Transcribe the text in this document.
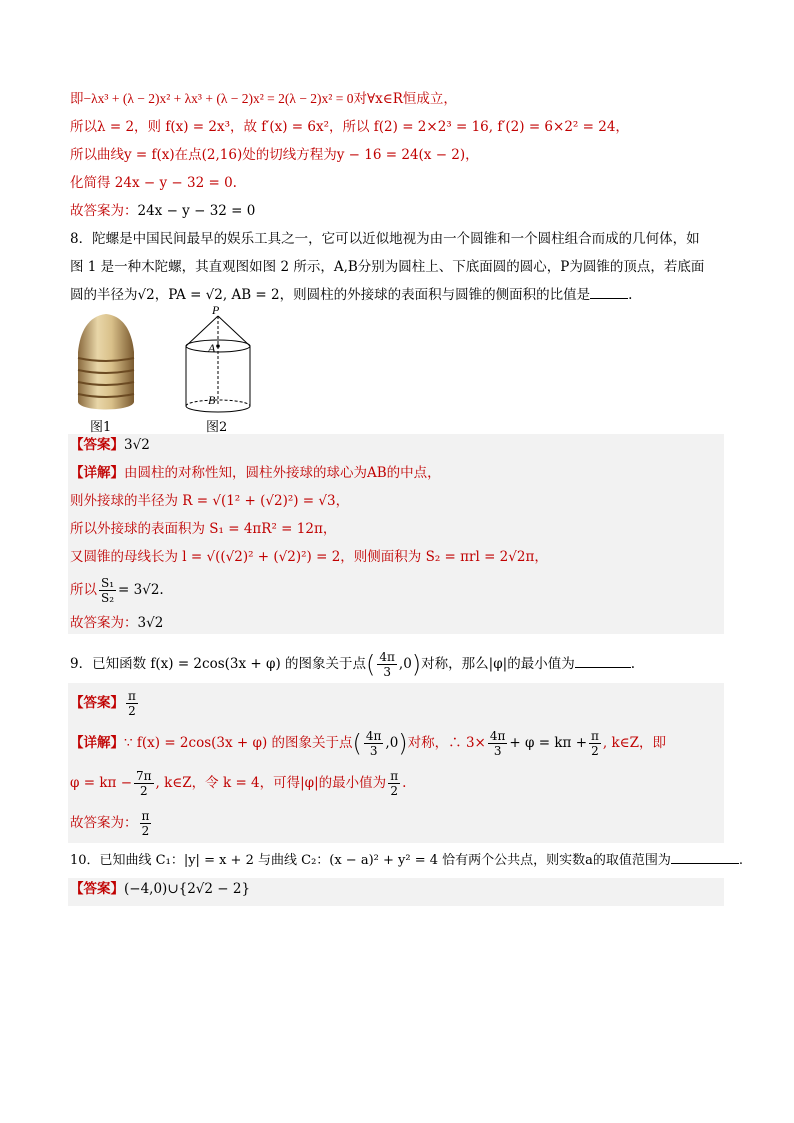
即−λx³ + (λ − 2)x² + λx³ + (λ − 2)x² = 2(λ − 2)x² = 0对∀x∈R恒成立，
所以λ = 2，则 f(x) = 2x³，故 f′(x) = 6x²，所以 f(2) = 2×2³ = 16, f′(2) = 6×2² = 24，
所以曲线y = f(x)在点(2,16)处的切线方程为y − 16 = 24(x − 2)，
化简得 24x − y − 32 = 0.
故答案为：24x − y − 32 = 0
8．陀螺是中国民间最早的娱乐工具之一，它可以近似地视为由一个圆锥和一个圆柱组合而成的几何体，如
图 1 是一种木陀螺，其直观图如图 2 所示，A,B分别为圆柱上、下底面圆的圆心，P为圆锥的顶点，若底面
圆的半径为√2，PA = √2, AB = 2，则圆柱的外接球的表面积与圆锥的侧面积的比值是	.
P
A
B
图1	图2
【答案】3√2
【详解】由圆柱的对称性知，圆柱外接球的球心为AB的中点，
则外接球的半径为 R = √(1² + (√2)²) = √3，
所以外接球的表面积为 S₁ = 4πR² = 12π，
又圆锥的母线长为 l = √((√2)² + (√2)²) = 2，则侧面积为 S₂ = πrl = 2√2π，
所以 $\frac{\text{S₁}}{\text{S₂}} = 3√2$.
故答案为：3√2
9．已知函数 f(x) = 2cos(3x + φ) 的图象关于点( $\frac{4\pi}{3} ,0$)对称，那么|φ|的最小值为	.
【答案】 $\frac{\pi}{2}$
【详解】∵ f(x) = 2cos(3x + φ) 的图象关于点( $\frac{4\pi}{3} ,0$)对称，∴ $3\times \frac{4\pi}{3} + \varphi = k\pi + \frac{\pi}{2}$ , k∈Z，即
$\varphi = k\pi - \frac{7\pi}{2}$ , k∈Z，令 k = 4，可得|φ|的最小值为 $\frac{\pi}{2}$ .
故答案为： $\frac{\pi}{2}$
10．已知曲线 C₁：|y| = x + 2 与曲线 C₂：(x − a)² + y² = 4 恰有两个公共点，则实数a的取值范围为	.
【答案】(−4,0)∪{2√2 − 2}
